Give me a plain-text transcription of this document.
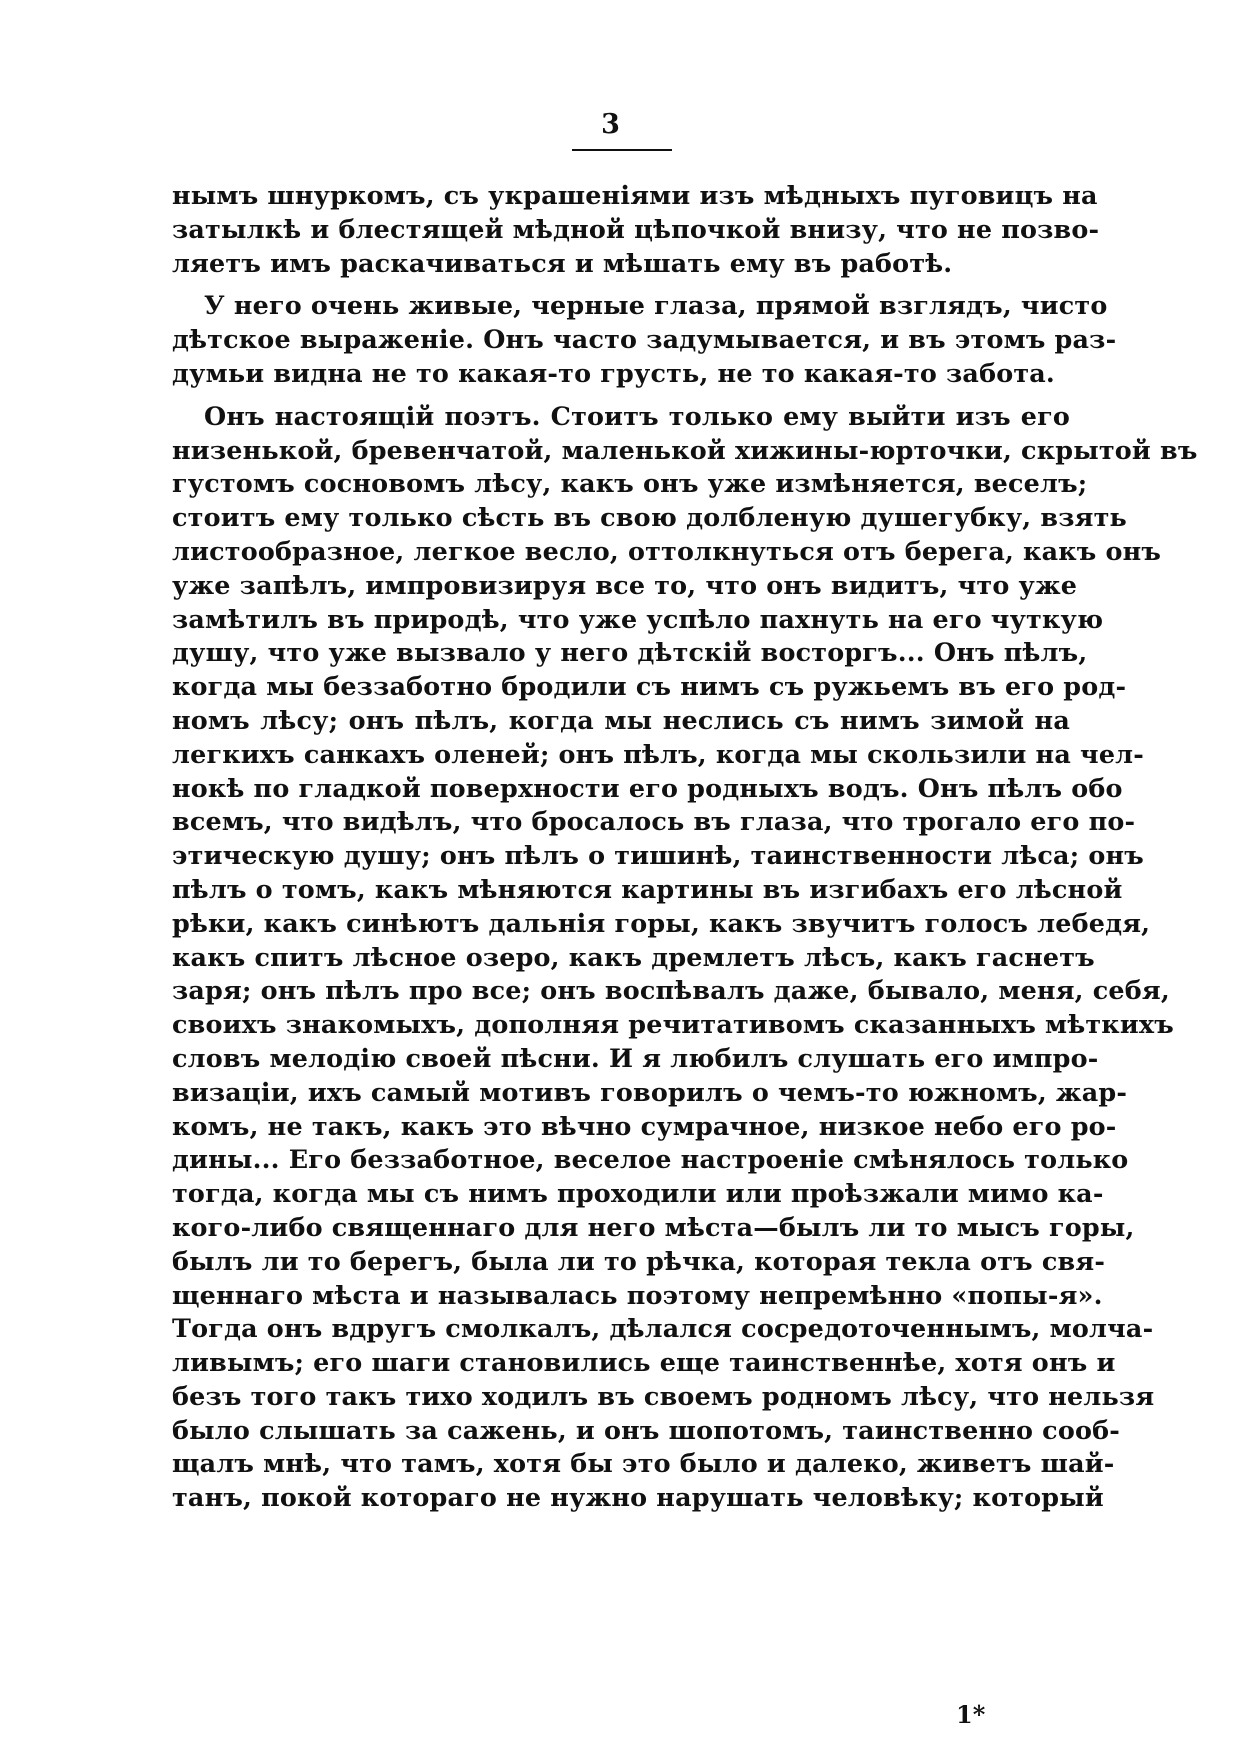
3

нымъ шнуркомъ, съ украшеніями изъ мѣдныхъ пуговицъ на
затылкѣ и блестящей мѣдной цѣпочкой внизу, что не позво-
ляетъ имъ раскачиваться и мѣшать ему въ работѣ.

У него очень живые, черные глаза, прямой взглядъ, чисто
дѣтское выраженіе. Онъ часто задумывается, и въ этомъ раз-
думьи видна не то какая-то грусть, не то какая-то забота.

Онъ настоящій поэтъ. Стоитъ только ему выйти изъ его
низенькой, бревенчатой, маленькой хижины-юрточки, скрытой въ
густомъ сосновомъ лѣсу, какъ онъ уже измѣняется, веселъ;
стоитъ ему только сѣсть въ свою долбленую душегубку, взять
листообразное, легкое весло, оттолкнуться отъ берега, какъ онъ
уже запѣлъ, импровизируя все то, что онъ видитъ, что уже
замѣтилъ въ природѣ, что уже успѣло пахнуть на его чуткую
душу, что уже вызвало у него дѣтскій восторгъ... Онъ пѣлъ,
когда мы беззаботно бродили съ нимъ съ ружьемъ въ его род-
номъ лѣсу; онъ пѣлъ, когда мы неслись съ нимъ зимой на
легкихъ санкахъ оленей; онъ пѣлъ, когда мы скользили на чел-
нокѣ по гладкой поверхности его родныхъ водъ. Онъ пѣлъ обо
всемъ, что видѣлъ, что бросалось въ глаза, что трогало его по-
этическую душу; онъ пѣлъ о тишинѣ, таинственности лѣса; онъ
пѣлъ о томъ, какъ мѣняются картины въ изгибахъ его лѣсной
рѣки, какъ синѣютъ дальнія горы, какъ звучитъ голосъ лебедя,
какъ спитъ лѣсное озеро, какъ дремлетъ лѣсъ, какъ гаснетъ
заря; онъ пѣлъ про все; онъ воспѣвалъ даже, бывало, меня, себя,
своихъ знакомыхъ, дополняя речитативомъ сказанныхъ мѣткихъ
словъ мелодію своей пѣсни. И я любилъ слушать его импро-
визаціи, ихъ самый мотивъ говорилъ о чемъ-то южномъ, жар-
комъ, не такъ, какъ это вѣчно сумрачное, низкое небо его ро-
дины... Его беззаботное, веселое настроеніе смѣнялось только
тогда, когда мы съ нимъ проходили или проѣзжали мимо ка-
кого-либо священнаго для него мѣста—былъ ли то мысъ горы,
былъ ли то берегъ, была ли то рѣчка, которая текла отъ свя-
щеннаго мѣста и называлась поэтому непремѣнно «попы-я».
Тогда онъ вдругъ смолкалъ, дѣлался сосредоточеннымъ, молча-
ливымъ; его шаги становились еще таинственнѣе, хотя онъ и
безъ того такъ тихо ходилъ въ своемъ родномъ лѣсу, что нельзя
было слышать за сажень, и онъ шопотомъ, таинственно сооб-
щалъ мнѣ, что тамъ, хотя бы это было и далеко, живетъ шай-
танъ, покой котораго не нужно нарушать человѣку; который

1*
